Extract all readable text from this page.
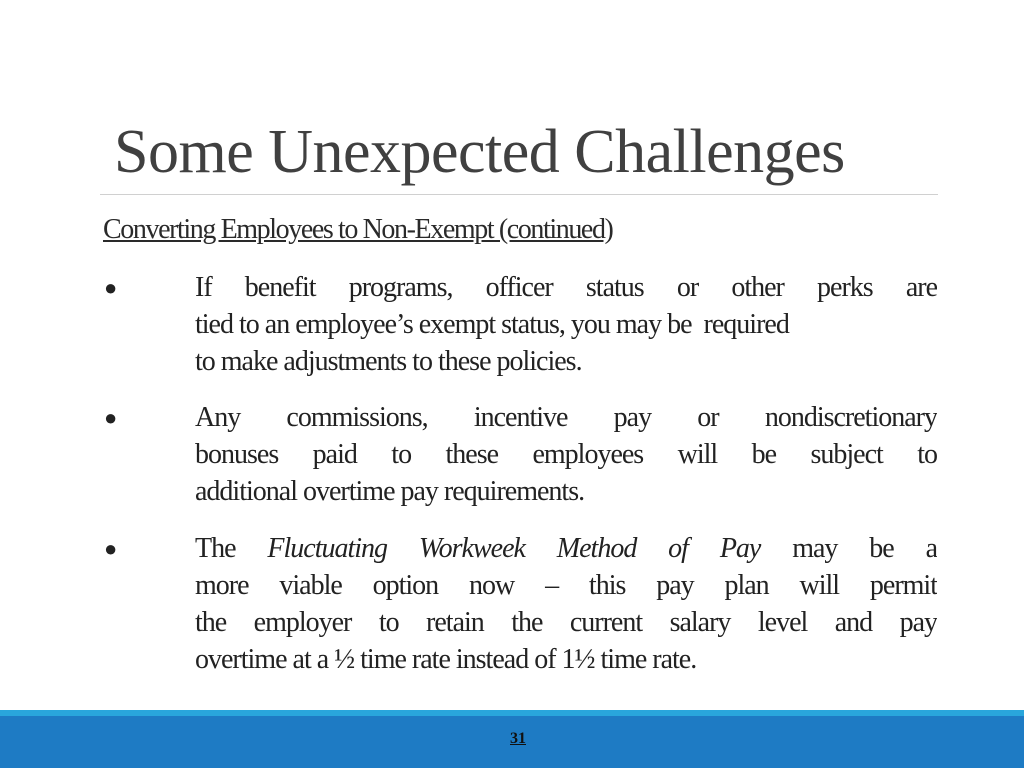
Some Unexpected Challenges
Converting Employees to Non-Exempt (continued)
●	If benefit programs, officer status or other perks are
tied to an employee’s exempt status, you may be  required
to make adjustments to these policies.
●	Any commissions, incentive pay or nondiscretionary
bonuses paid to these employees will be subject to
additional overtime pay requirements.
●	The Fluctuating Workweek Method of Pay may be a
more viable option now – this pay plan will permit
the employer to retain the current salary level and pay
overtime at a ½ time rate instead of 1½ time rate.
31
